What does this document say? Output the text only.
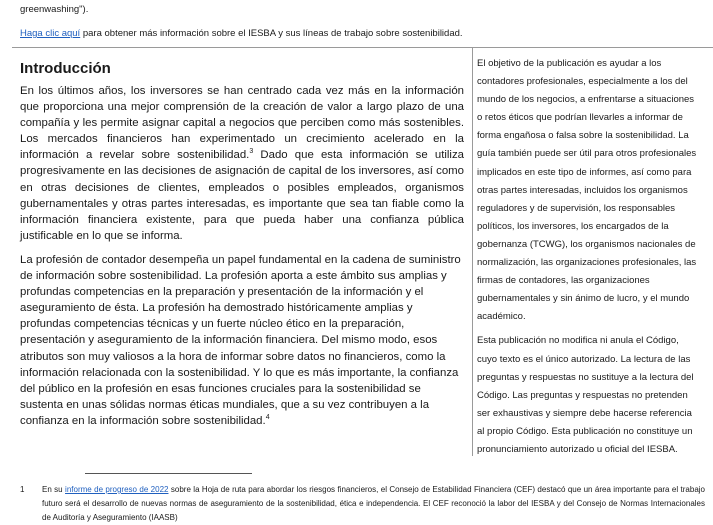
greenwashing").
Haga clic aquí para obtener más información sobre el IESBA y sus líneas de trabajo sobre sostenibilidad.
Introducción

En los últimos años, los inversores se han centrado cada vez más en la información que proporciona una mejor comprensión de la creación de valor a largo plazo de una compañía y les permite asignar capital a negocios que perciben como más sostenibles. Los mercados financieros han experimentado un crecimiento acelerado en la información a revelar sobre sostenibilidad.$^3$ Dado que esta información se utiliza progresivamente en las decisiones de asignación de capital de los inversores, así como en otras decisiones de clientes, empleados o posibles empleados, organismos gubernamentales y otras partes interesadas, es importante que sea tan fiable como la información financiera existente, para que pueda haber una confianza pública justificable en lo que se informa.

La profesión de contador desempeña un papel fundamental en la cadena de suministro de información sobre sostenibilidad. La profesión aporta a este ámbito sus amplias y profundas competencias en la preparación y presentación de la información y el aseguramiento de ésta. La profesión ha demostrado históricamente amplias y profundas competencias técnicas y un fuerte núcleo ético en la preparación, presentación y aseguramiento de la información financiera. Del mismo modo, esos atributos son muy valiosos a la hora de informar sobre datos no financieros, como la información relacionada con la sostenibilidad. Y lo que es más importante, la confianza del público en la profesión en esas funciones cruciales para la sostenibilidad se sustenta en unas sólidas normas éticas mundiales, que a su vez contribuyen a la confianza en la información sobre sostenibilidad.$^4$

El objetivo de la publicación es ayudar a los contadores profesionales, especialmente a los del mundo de los negocios, a enfrentarse a situaciones o retos éticos que podrían llevarles a informar de forma engañosa o falsa sobre la sostenibilidad. La guía también puede ser útil para otros profesionales implicados en este tipo de informes, así como para otras partes interesadas, incluidos los organismos reguladores y de supervisión, los responsables políticos, los inversores, los encargados de la gobernanza (TCWG), los organismos nacionales de normalización, las organizaciones profesionales, las firmas de contadores, las organizaciones gubernamentales y sin ánimo de lucro, y el mundo académico.

Esta publicación no modifica ni anula el Código, cuyo texto es el único autorizado. La lectura de las preguntas y respuestas no sustituye a la lectura del Código. Las preguntas y respuestas no pretenden ser exhaustivas y siempre debe hacerse referencia al propio Código. Esta publicación no constituye un pronunciamiento autorizado u oficial del IESBA.

1 En su informe de progreso de 2022 sobre la Hoja de ruta para abordar los riesgos financieros, el Consejo de Estabilidad Financiera (CEF) destacó que un área importante para el trabajo futuro será el desarrollo de nuevas normas de aseguramiento de la sostenibilidad, ética e independencia. El CEF reconoció la labor del IESBA y del Consejo de Normas Internacionales de Auditoría y Aseguramiento (IAASB)
